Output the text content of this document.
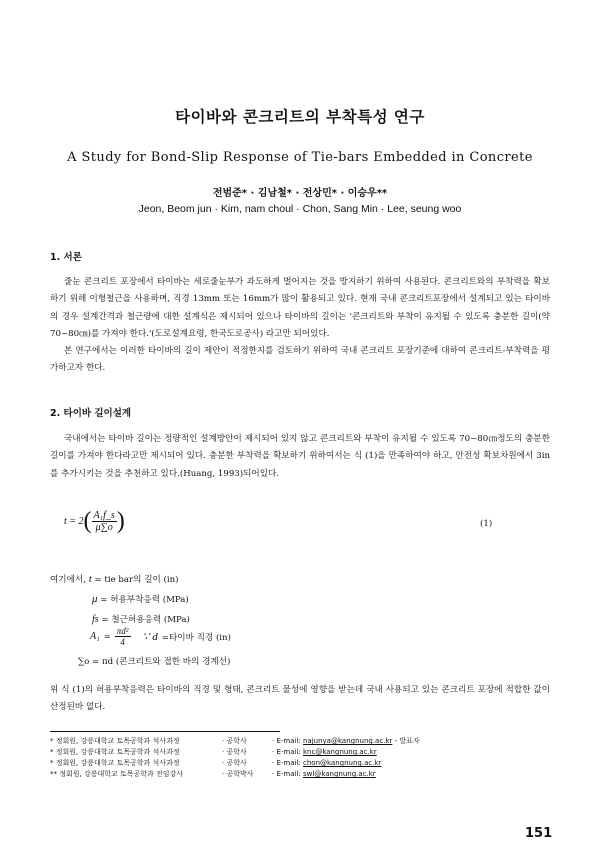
타이바와 콘크리트의 부착특성 연구
A Study for Bond-Slip Response of Tie-bars Embedded in Concrete
전범준* · 김남철* · 전상민* · 이승우**
Jeon, Beom jun · Kim, nam choul · Chon, Sang Min · Lee, seung woo
1. 서론

줄눈 콘크리트 포장에서 타이바는 세로줄눈부가 과도하게 벌어지는 것을 방지하기 위하여 사용된다. 콘크리트와의 부착력을 확보하기 위해 이형철근을 사용하며, 직경 13mm 또는 16mm가 많이 활용되고 있다. 현재 국내 콘크리트포장에서 설계되고 있는 타이바의 경우 설계간격과 철근량에 대한 설계식은 제시되어 있으나 타이바의 길이는 '콘크리트와 부착이 유지될 수 있도록 충분한 길이(약 70~80㎝)를 가져야 한다.'(도로설계요령, 한국도로공사) 라고만 되어있다.

본 연구에서는 이러한 타이바의 길이 제안이 적정한지를 검토하기 위하여 국내 콘크리트 포장기준에 대하여 콘크리트-부착력을 평가하고자 한다.

2. 타이바 길이설계

국내에서는 타이바 길이는 정량적인 설계방안이 제시되어 있지 않고 콘크리트와 부착이 유지될 수 있도록 70~80㎝정도의 충분한 길이를 가져야 한다라고만 제시되어 있다. 충분한 부착력을 확보하기 위하여서는 식 (1)을 만족하여야 하고, 안전성 확보차원에서 3in를 추가시키는 것을 추천하고 있다.(Huang, 1993)되어있다.

$t = 2( \frac{\text{A₁f\_s}}{\mu\sum o}$ )	(1)
여기에서, t = tie bar의 길이 (in)
μ = 허용부착응력 (MPa)
fs = 철근허용응력 (MPa)
$A_1 = \frac{\text{πd²}}{4}$ ∵ d =타이바 직경 (in)
∑o = πd (콘크리트와 접한 바의 경계선)

위 식 (1)의 허용부착응력은 타이바의 직경 및 형태, 콘크리트 물성에 영향을 받는데 국내 사용되고 있는 콘크리트 포장에 적합한 값이 산정된바 없다.

* 정회원, 강릉대학교 토목공학과 석사과정	· 공학사	· E-mail: najunya@kangnung.ac.kr - 발표자
* 정회원, 강릉대학교 토목공학과 석사과정	· 공학사	· E-mail: knc@kangnung.ac.kr
* 정회원, 강릉대학교 토목공학과 석사과정	· 공학사	· E-mail: chon@kangnung.ac.kr
** 정회원, 강릉대학교 토목공학과 전임강사	· 공학박사	· E-mail: swl@kangnung.ac.kr
151
